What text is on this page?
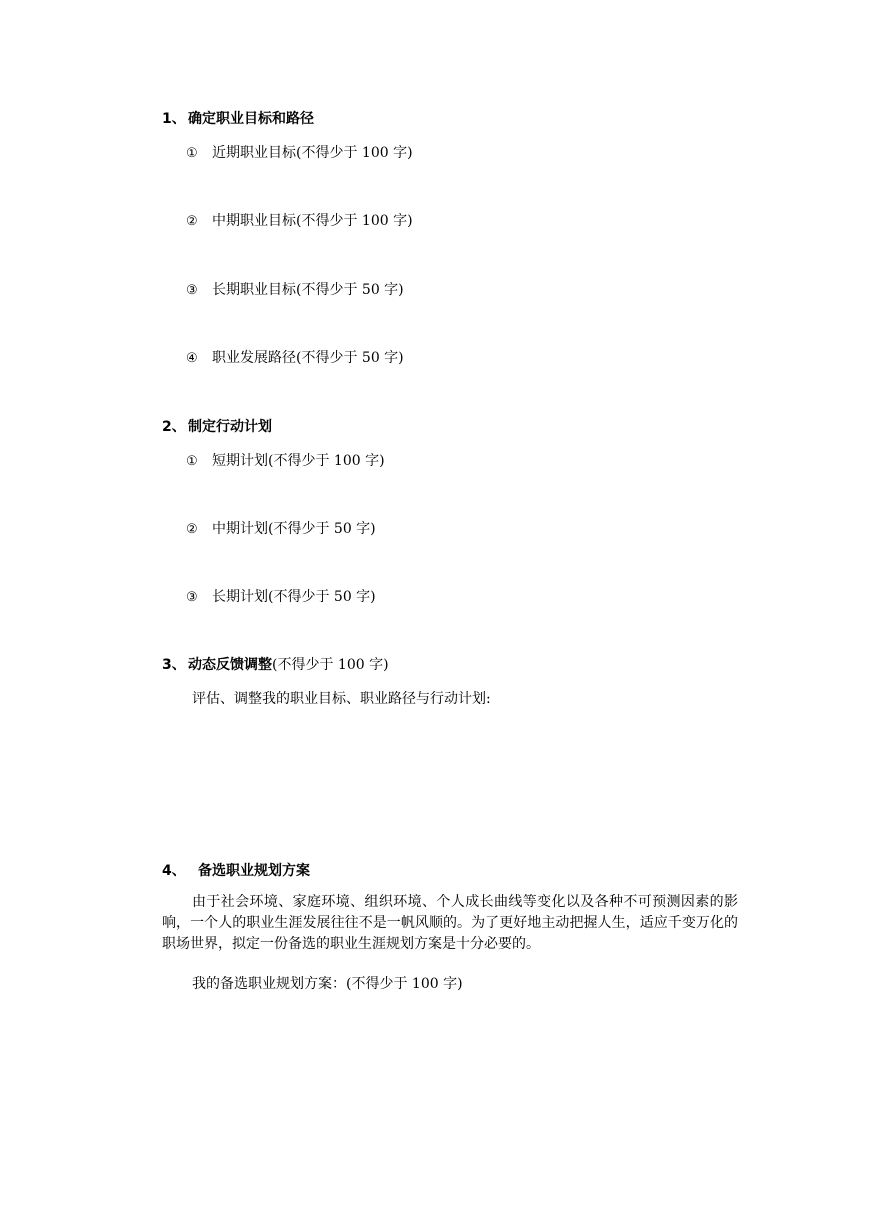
1、 确定职业目标和路径
① 近期职业目标(不得少于 100 字)
② 中期职业目标(不得少于 100 字)
③ 长期职业目标(不得少于 50 字)
④ 职业发展路径(不得少于 50 字)
2、 制定行动计划
① 短期计划(不得少于 100 字)
② 中期计划(不得少于 50 字)
③ 长期计划(不得少于 50 字)
3、 动态反馈调整(不得少于 100 字)
评估、调整我的职业目标、职业路径与行动计划:
4、 备选职业规划方案
由于社会环境、家庭环境、组织环境、个人成长曲线等变化以及各种不可预测因素的影响，一个人的职业生涯发展往往不是一帆风顺的。为了更好地主动把握人生，适应千变万化的职场世界，拟定一份备选的职业生涯规划方案是十分必要的。
我的备选职业规划方案：(不得少于 100 字)
